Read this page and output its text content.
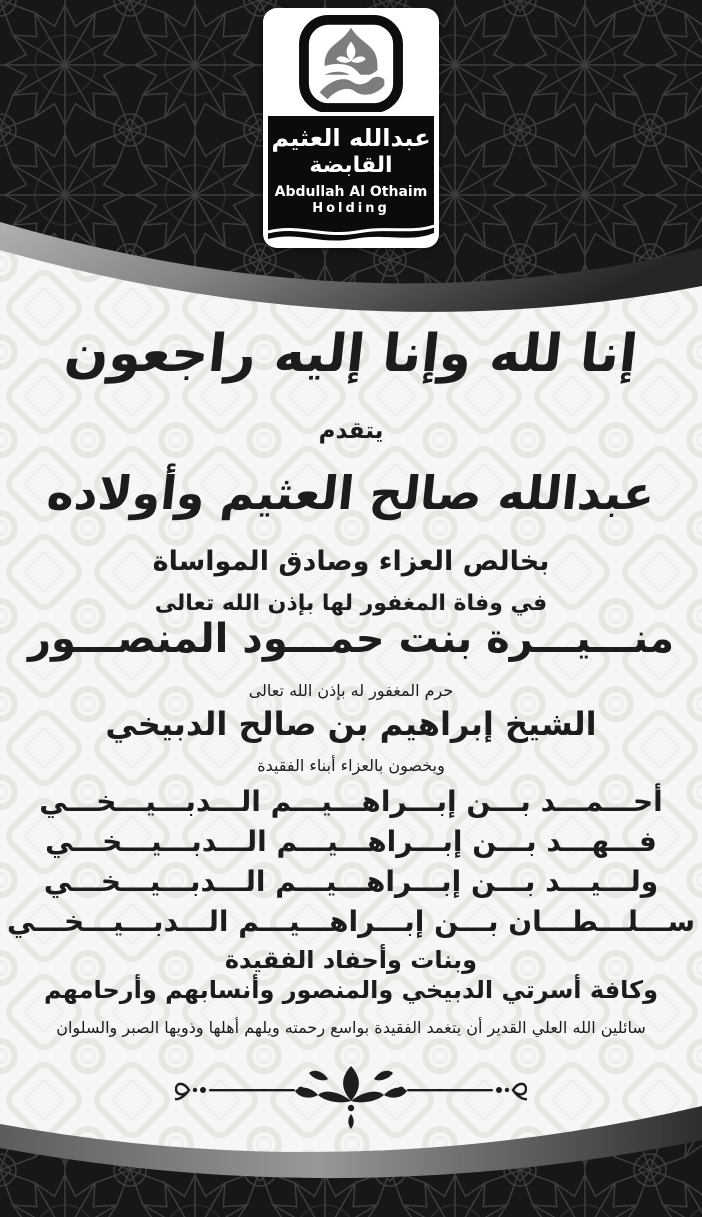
عبدالله العثيم
القابضة
Abdullah Al Othaim
Holding
إنا لله وإنا إليه راجعون
يتقدم
عبدالله صالح العثيم وأولاده
بخالص العزاء وصادق المواساة
في وفاة المغفور لها بإذن الله تعالى
منـــيـــرة بنت حمـــود المنصـــور
حرم المغفور له بإذن الله تعالى
الشيخ إبراهيم بن صالح الدبيخي
ويخصون بالعزاء أبناء الفقيدة
أحـــمـــد بـــن إبـــراهـــيـــم الـــدبـــيـــخـــي
فـــهـــد بـــن إبـــراهـــيـــم الـــدبـــيـــخـــي
ولـــيـــد بـــن إبـــراهـــيـــم الـــدبـــيـــخـــي
ســـلـــطـــان بـــن إبـــراهـــيـــم الـــدبـــيـــخـــي
وبنات وأحفاد الفقيدة
وكافة أسرتي الدبيخي والمنصور وأنسابهم وأرحامهم
سائلين الله العلي القدير أن يتغمد الفقيدة بواسع رحمته ويلهم أهلها وذويها الصبر والسلوان
